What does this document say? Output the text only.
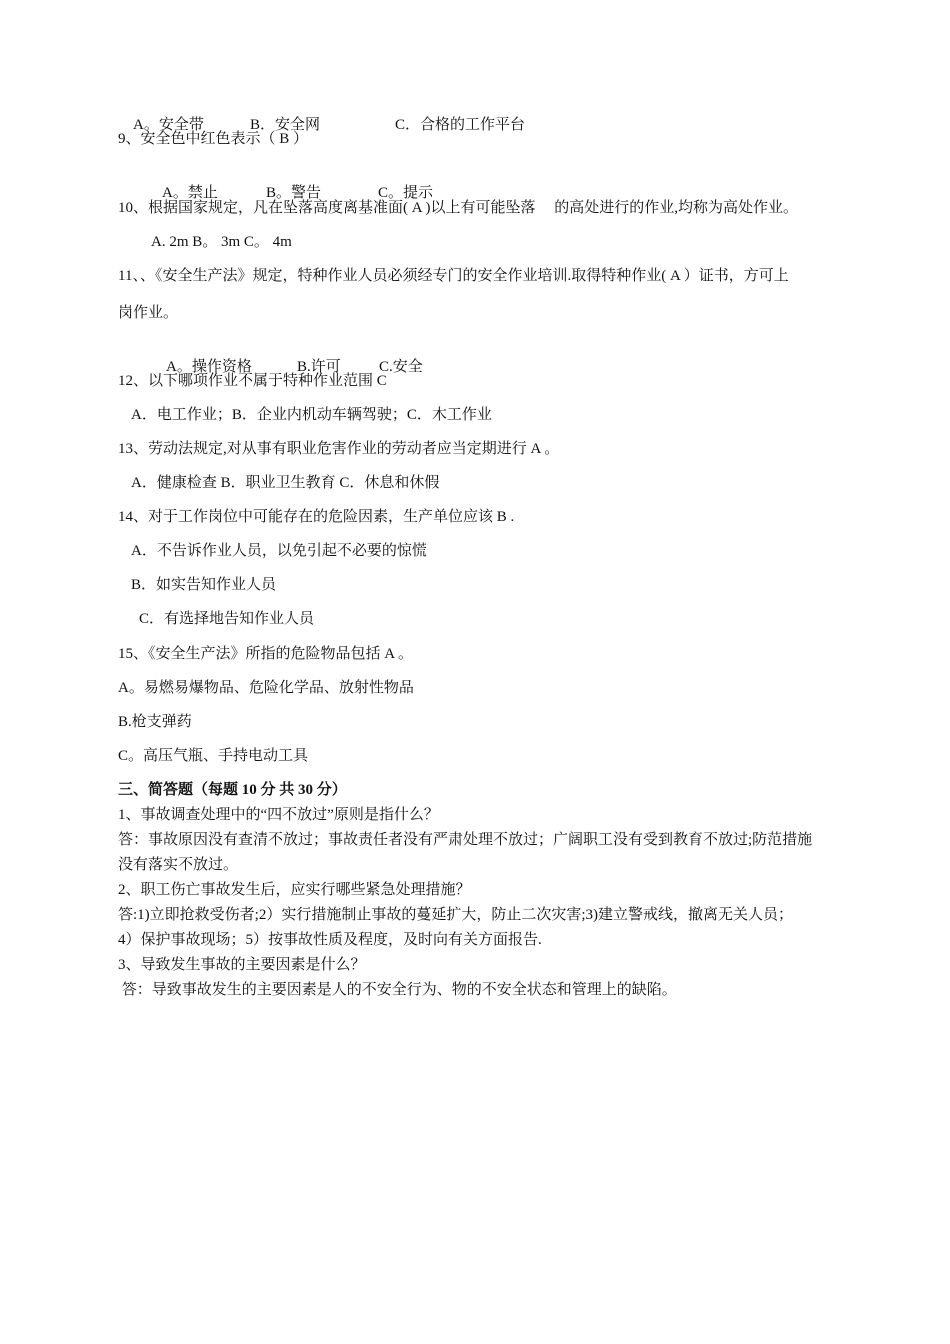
A。安全带	B．安全网	C．合格的工作平台

9、安全色中红色表示（ B ）

A。禁止	B。警告	C。提示

10、根据国家规定，凡在坠落高度离基准面( A )以上有可能坠落     的高处进行的作业,均称为高处作业。
A. 2m B。 3m C。 4m
11、、《安全生产法》规定，特种作业人员必须经专门的安全作业培训.取得特种作业( A ）证书，方可上
岗作业。

A。操作资格	B.许可	C.安全

12、以下哪项作业不属于特种作业范围 C
A．电工作业；B．企业内机动车辆驾驶；C．木工作业
13、劳动法规定,对从事有职业危害作业的劳动者应当定期进行 A 。
A．健康检查 B．职业卫生教育 C．休息和休假
14、对于工作岗位中可能存在的危险因素，生产单位应该 B .
A．不告诉作业人员，以免引起不必要的惊慌
B．如实告知作业人员
C．有选择地告知作业人员
15、《安全生产法》所指的危险物品包括 A 。
A。易燃易爆物品、危险化学品、放射性物品
B.枪支弹药
C。高压气瓶、手持电动工具
三、简答题（每题 10 分 共 30 分）
1、事故调查处理中的“四不放过”原则是指什么？
答：事故原因没有查清不放过；事故责任者没有严肃处理不放过；广阔职工没有受到教育不放过;防范措施
没有落实不放过。
2、职工伤亡事故发生后，应实行哪些紧急处理措施？
答:1)立即抢救受伤者;2）实行措施制止事故的蔓延扩大，防止二次灾害;3)建立警戒线，撤离无关人员；
4）保护事故现场；5）按事故性质及程度，及时向有关方面报告.
3、导致发生事故的主要因素是什么？
答：导致事故发生的主要因素是人的不安全行为、物的不安全状态和管理上的缺陷。
